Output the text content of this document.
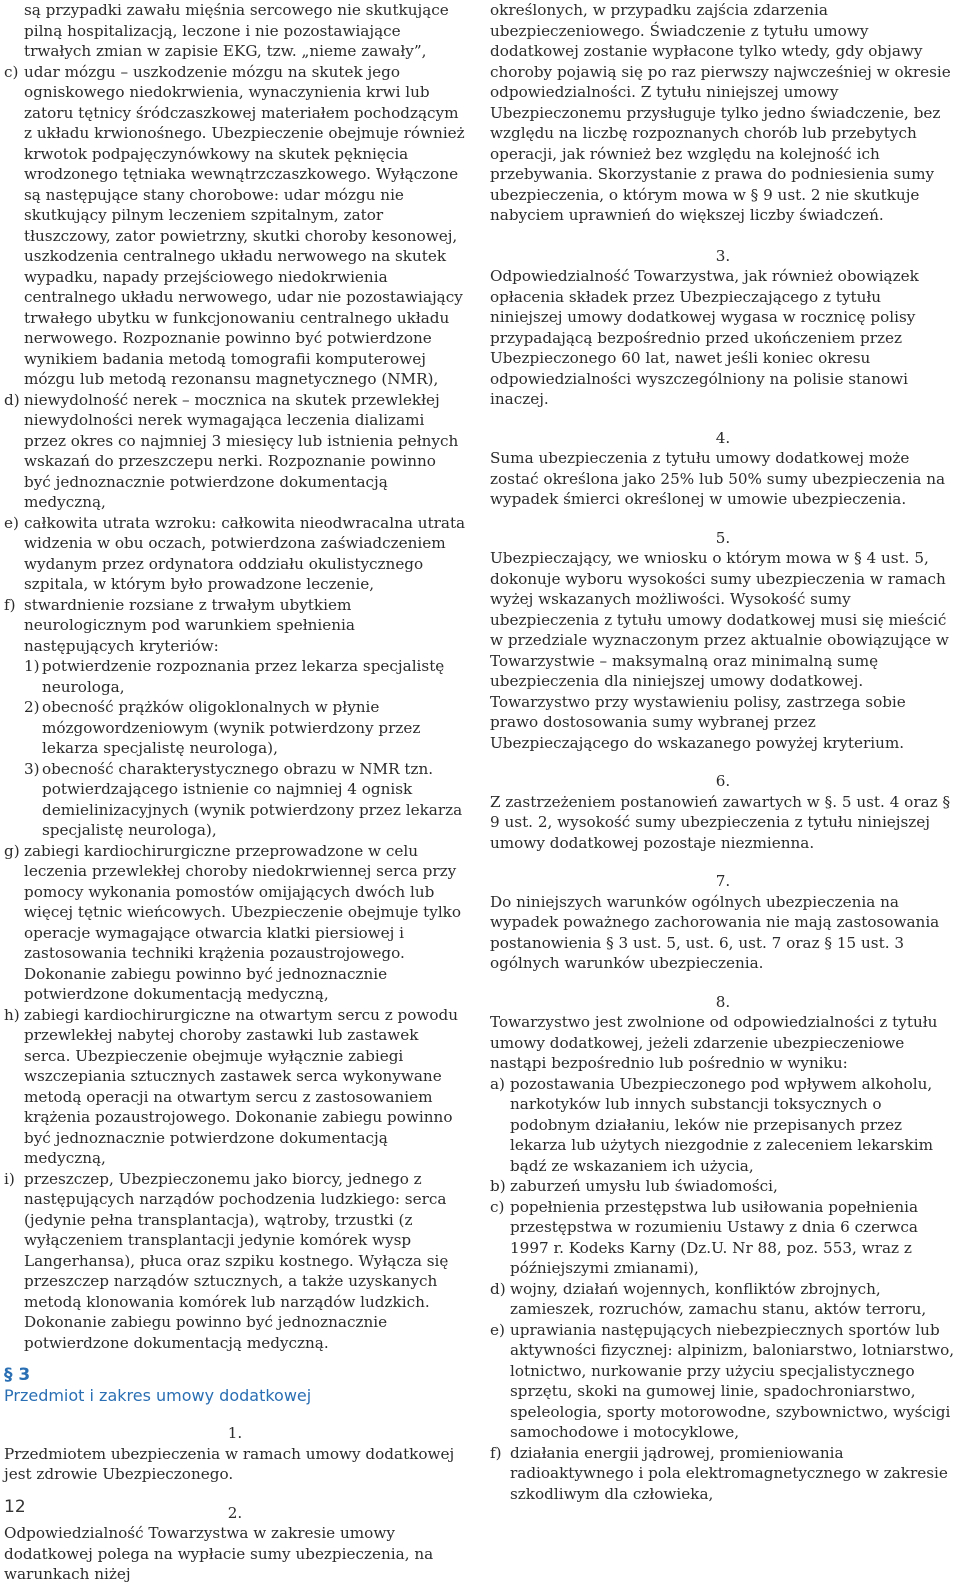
są przypadki zawału mięśnia sercowego nie skutkujące pilną hospitalizacją, leczone i nie pozostawiające trwałych zmian w zapisie EKG, tzw. „nieme zawały”,

c) udar mózgu – uszkodzenie mózgu na skutek jego ogniskowego niedokrwienia, wynaczynienia krwi lub zatoru tętnicy śródczaszkowej materiałem pochodzącym z układu krwionośnego. Ubezpieczenie obejmuje również krwotok podpajęczynówkowy na skutek pęknięcia wrodzonego tętniaka wewnątrzczaszkowego. Wyłączone są następujące stany chorobowe: udar mózgu nie skutkujący pilnym leczeniem szpitalnym, zator tłuszczowy, zator powietrzny, skutki choroby kesonowej, uszkodzenia centralnego układu nerwowego na skutek wypadku, napady przejściowego niedokrwienia centralnego układu nerwowego, udar nie pozostawiający trwałego ubytku w funkcjonowaniu centralnego układu nerwowego. Rozpoznanie powinno być potwierdzone wynikiem badania metodą tomografii komputerowej mózgu lub metodą rezonansu magnetycznego (NMR),
d) niewydolność nerek – mocznica na skutek przewlekłej niewydolności nerek wymagająca leczenia dializami przez okres co najmniej 3 miesięcy lub istnienia pełnych wskazań do przeszczepu nerki. Rozpoznanie powinno być jednoznacznie potwierdzone dokumentacją medyczną,
e) całkowita utrata wzroku: całkowita nieodwracalna utrata widzenia w obu oczach, potwierdzona zaświadczeniem wydanym przez ordynatora oddziału okulistycznego szpitala, w którym było prowadzone leczenie,
f) stwardnienie rozsiane z trwałym ubytkiem neurologicznym pod warunkiem spełnienia następujących kryteriów:
1) potwierdzenie rozpoznania przez lekarza specjalistę neurologa,
2) obecność prążków oligoklonalnych w płynie mózgowordzeniowym (wynik potwierdzony przez lekarza specjalistę neurologa),
3) obecność charakterystycznego obrazu w NMR tzn. potwierdzającego istnienie co najmniej 4 ognisk demielinizacyjnych (wynik potwierdzony przez lekarza specjalistę neurologa),
g) zabiegi kardiochirurgiczne przeprowadzone w celu leczenia przewlekłej choroby niedokrwiennej serca przy pomocy wykonania pomostów omijających dwóch lub więcej tętnic wieńcowych. Ubezpieczenie obejmuje tylko operacje wymagające otwarcia klatki piersiowej i zastosowania techniki krążenia pozaustrojowego. Dokonanie zabiegu powinno być jednoznacznie potwierdzone dokumentacją medyczną,
h) zabiegi kardiochirurgiczne na otwartym sercu z powodu przewlekłej nabytej choroby zastawki lub zastawek serca. Ubezpieczenie obejmuje wyłącznie zabiegi wszczepiania sztucznych zastawek serca wykonywane metodą operacji na otwartym sercu z zastosowaniem krążenia pozaustrojowego. Dokonanie zabiegu powinno być jednoznacznie potwierdzone dokumentacją medyczną,
i) przeszczep, Ubezpieczonemu jako biorcy, jednego z następujących narządów pochodzenia ludzkiego: serca (jedynie pełna transplantacja), wątroby, trzustki (z wyłączeniem transplantacji jedynie komórek wysp Langerhansa), płuca oraz szpiku kostnego. Wyłącza się przeszczep narządów sztucznych, a także uzyskanych metodą klonowania komórek lub narządów ludzkich. Dokonanie zabiegu powinno być jednoznacznie potwierdzone dokumentacją medyczną.
§ 3
Przedmiot i zakres umowy dodatkowej
1.

Przedmiotem ubezpieczenia w ramach umowy dodatkowej jest zdrowie Ubezpieczonego.

2.

Odpowiedzialność Towarzystwa w zakresie umowy dodatkowej polega na wypłacie sumy ubezpieczenia, na warunkach niżej

określonych, w przypadku zajścia zdarzenia ubezpieczeniowego. Świadczenie z tytułu umowy dodatkowej zostanie wypłacone tylko wtedy, gdy objawy choroby pojawią się po raz pierwszy najwcześniej w okresie odpowiedzialności. Z tytułu niniejszej umowy Ubezpieczonemu przysługuje tylko jedno świadczenie, bez względu na liczbę rozpoznanych chorób lub przebytych operacji, jak również bez względu na kolejność ich przebywania. Skorzystanie z prawa do podniesienia sumy ubezpieczenia, o którym mowa w § 9 ust. 2 nie skutkuje nabyciem uprawnień do większej liczby świadczeń.

3.

Odpowiedzialność Towarzystwa, jak również obowiązek opłacenia składek przez Ubezpieczającego z tytułu niniejszej umowy dodatkowej wygasa w rocznicę polisy przypadającą bezpośrednio przed ukończeniem przez Ubezpieczonego 60 lat, nawet jeśli koniec okresu odpowiedzialności wyszczególniony na polisie stanowi inaczej.

4.

Suma ubezpieczenia z tytułu umowy dodatkowej może zostać określona jako 25% lub 50% sumy ubezpieczenia na wypadek śmierci określonej w umowie ubezpieczenia.

5.

Ubezpieczający, we wniosku o którym mowa w § 4 ust. 5, dokonuje wyboru wysokości sumy ubezpieczenia w ramach wyżej wskazanych możliwości. Wysokość sumy ubezpieczenia z tytułu umowy dodatkowej musi się mieścić w przedziale wyznaczonym przez aktualnie obowiązujące w Towarzystwie – maksymalną oraz minimalną sumę ubezpieczenia dla niniejszej umowy dodatkowej. Towarzystwo przy wystawieniu polisy, zastrzega sobie prawo dostosowania sumy wybranej przez Ubezpieczającego do wskazanego powyżej kryterium.

6.

Z zastrzeżeniem postanowień zawartych w §. 5 ust. 4 oraz § 9 ust. 2, wysokość sumy ubezpieczenia z tytułu niniejszej umowy dodatkowej pozostaje niezmienna.

7.

Do niniejszych warunków ogólnych ubezpieczenia na wypadek poważnego zachorowania nie mają zastosowania postanowienia § 3 ust. 5, ust. 6, ust. 7 oraz § 15 ust. 3 ogólnych warunków ubezpieczenia.

8.

Towarzystwo jest zwolnione od odpowiedzialności z tytułu umowy dodatkowej, jeżeli zdarzenie ubezpieczeniowe nastąpi bezpośrednio lub pośrednio w wyniku:

a) pozostawania Ubezpieczonego pod wpływem alkoholu, narkotyków lub innych substancji toksycznych o podobnym działaniu, leków nie przepisanych przez lekarza lub użytych niezgodnie z zaleceniem lekarskim bądź ze wskazaniem ich użycia,
b) zaburzeń umysłu lub świadomości,
c) popełnienia przestępstwa lub usiłowania popełnienia przestępstwa w rozumieniu Ustawy z dnia 6 czerwca 1997 r. Kodeks Karny (Dz.U. Nr 88, poz. 553, wraz z późniejszymi zmianami),
d) wojny, działań wojennych, konfliktów zbrojnych, zamieszek, rozruchów, zamachu stanu, aktów terroru,
e) uprawiania następujących niebezpiecznych sportów lub aktywności fizycznej: alpinizm, baloniarstwo, lotniarstwo, lotnictwo, nurkowanie przy użyciu specjalistycznego sprzętu, skoki na gumowej linie, spadochroniarstwo, speleologia, sporty motorowodne, szybownictwo, wyścigi samochodowe i motocyklowe,
f) działania energii jądrowej, promieniowania radioaktywnego i pola elektromagnetycznego w zakresie szkodliwym dla człowieka,
12
